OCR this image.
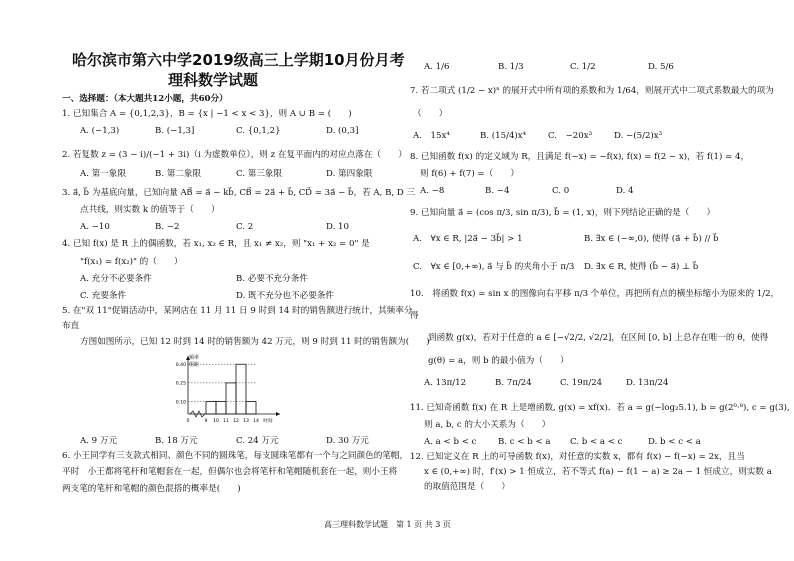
哈尔滨市第六中学2019级高三上学期10月份月考
理科数学试题
一、选择题：（本大题共12小题，共60分）
1. 已知集合 A = {0,1,2,3}，B = {x | −1 < x < 3}，则 A ∪ B = (　　)
A. (−1,3)	B. (−1,3]	C. {0,1,2}	D. (0,3]
2. 若复数 z = (3 − i)/(−1 + 3i)（i 为虚数单位），则 z 在复平面内的对应点落在（　　）
A. 第一象限	B. 第二象限	C. 第三象限	D. 第四象限
3. a⃗, b⃗ 为基底向量，已知向量 AB⃗ = a⃗ − kb⃗, CB⃗ = 2a⃗ + b⃗, CD⃗ = 3a⃗ − b⃗，若 A, B, D 三
点共线，则实数 k 的值等于（　　）
A. −10	B. −2	C. 2	D. 10
4. 已知 f(x) 是 R 上的偶函数，若 x₁, x₂ ∈ R，且 x₁ ≠ x₂，则 "x₁ + x₂ = 0" 是
"f(x₁) = f(x₂)" 的（　　）
A. 充分不必要条件	B. 必要不充分条件
C. 充要条件	D. 既不充分也不必要条件
5. 在"双 11"促销活动中，某网店在 11 月 11 日 9 时到 14 时的销售额进行统计，其频率分
布直
方图如图所示，已知 12 时到 14 时的销售额为 42 万元，则 9 时到 11 时的销售额为(　　)
频率
组距
0.40
0.25
0.10
0	9 10 11 12 13 14 时间
A. 9 万元	B. 18 万元	C. 24 万元	D. 30 万元
6. 小王同学有三支款式相同、颜色不同的圆珠笔，每支圆珠笔都有一个与之同颜色的笔帽，
平时　小王都将笔杆和笔帽套在一起，但偶尔也会将笔杆和笔帽随机套在一起，则小王将
两支笔的笔杆和笔帽的颜色混搭的概率是(　　)
A. 1/6	B. 1/3	C. 1/2	D. 5/6
7. 若二项式 (1/2 − x)ⁿ 的展开式中所有项的系数和为 1/64，则展开式中二项式系数最大的项为
（　　）
A.　15x⁴	B. (15/4)x⁴	C.　−20x³	D. −(5/2)x³
8. 已知函数 f(x) 的定义域为 R，且满足 f(−x) = −f(x), f(x) = f(2 − x)，若 f(1) = 4，
则 f(6) + f(7) =（　　）
A. −8	B. −4	C. 0	D. 4
9. 已知向量 a⃗ = (cos π/3, sin π/3), b⃗ = (1, x)，则下列结论正确的是（　　）
A.　∀x ∈ R, |2a⃗ − 3b⃗| > 1	B. ∃x ∈ (−∞,0), 使得 (a⃗ + b⃗) // b⃗
C.　∀x ∈ [0,+∞), a⃗ 与 b⃗ 的夹角小于 π/3 D. ∃x ∈ R, 使得 (b⃗ − a⃗) ⊥ b⃗
10.　将函数 f(x) = sin x 的图像向右平移 π/3 个单位，再把所有点的横坐标缩小为原来的 1/2，
得
到函数 g(x)，若对于任意的 a ∈ [−√2/2, √2/2]，在区间 [0, b] 上总存在唯一的 θ，使得
g(θ) = a，则 b 的最小值为（　　）
A. 13π/12	B. 7π/24	C. 19π/24	D. 13π/24
11. 已知奇函数 f(x) 在 R 上是增函数, g(x) = xf(x)．若 a = g(−log₂5.1), b = g(2⁰·⁸), c = g(3),
则 a, b, c 的大小关系为（　　）
A. a < b < c	B. c < b < a C. b < a < c	D. b < c < a
12. 已知定义在 R 上的可导函数 f(x)，对任意的实数 x，都有 f(x) − f(−x) = 2x，且当
x ∈ (0,+∞) 时，f′(x) > 1 恒成立，若不等式 f(a) − f(1 − a) ≥ 2a − 1 恒成立，则实数 a
的取值范围是（　　）
高三理科数学试题　第 1 页 共 3 页
